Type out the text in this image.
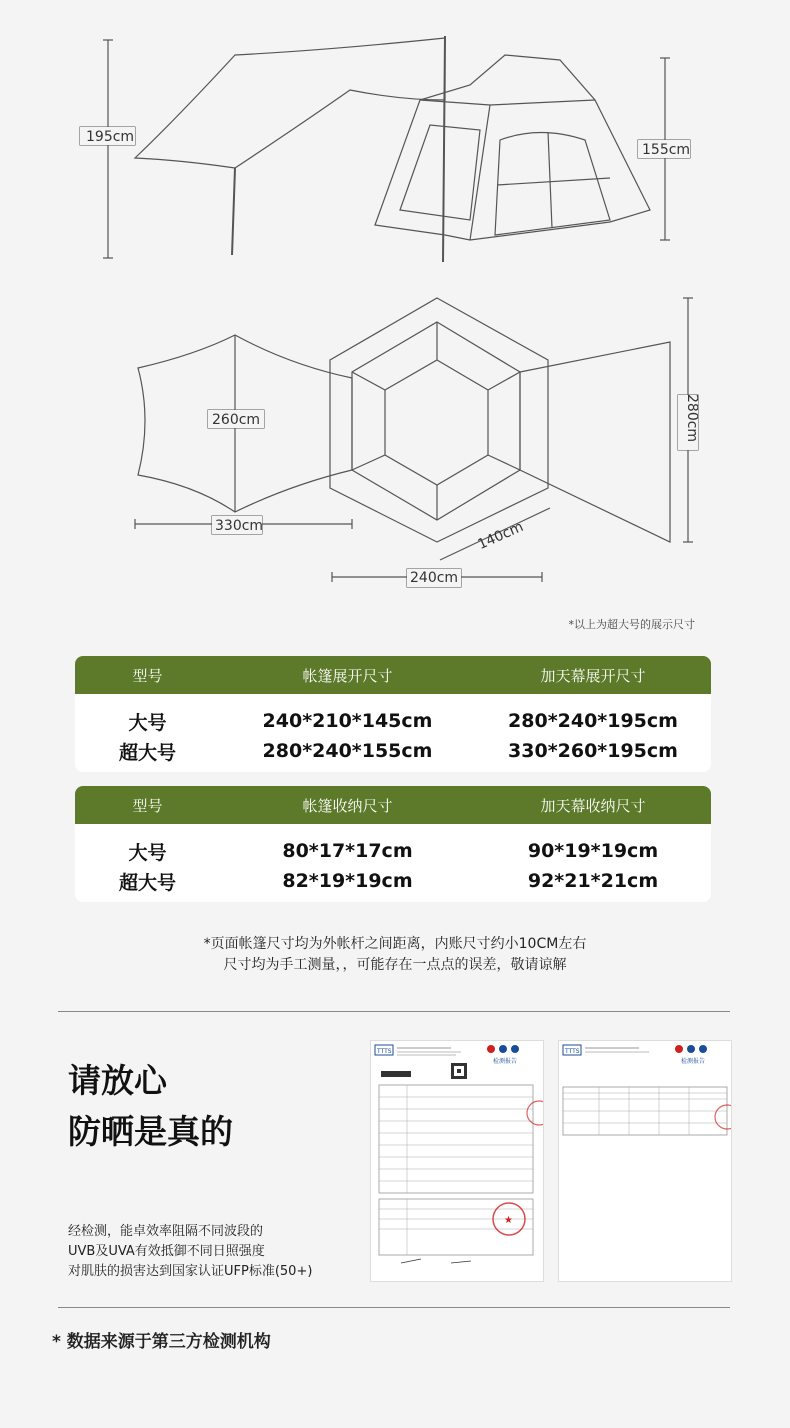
195cm
155cm
260cm
330cm
240cm
140cm
280cm
*以上为超大号的展示尺寸
型号	帐篷展开尺寸	加天幕展开尺寸
大号	240*210*145cm	280*240*195cm
超大号	280*240*155cm	330*260*195cm
型号	帐篷收纳尺寸	加天幕收纳尺寸
大号	80*17*17cm	90*19*19cm
超大号	82*19*19cm	92*21*21cm
*页面帐篷尺寸均为外帐杆之间距离，内账尺寸约小10CM左右
尺寸均为手工测量，，可能存在一点点的误差，敬请谅解
请放心
防晒是真的
经检测，能卓效率阻隔不同波段的
UVB及UVA有效抵御不同日照强度
对肌肤的损害达到国家认证UFP标准(50+)
TTTS
检测报告
★
TTTS
检测报告
* 数据来源于第三方检测机构
